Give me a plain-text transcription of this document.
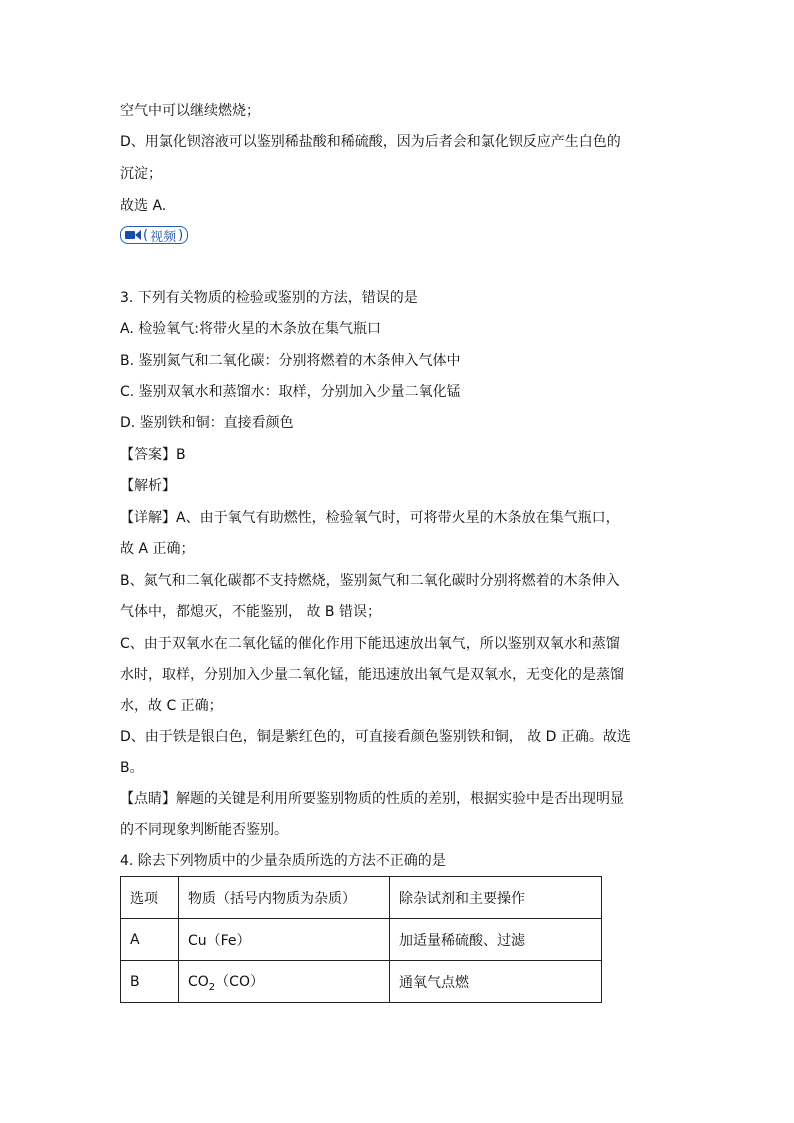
空气中可以继续燃烧；
D、用氯化钡溶液可以鉴别稀盐酸和稀硫酸，因为后者会和氯化钡反应产生白色的
沉淀；
故选 A.
( 视频 )
3. 下列有关物质的检验或鉴别的方法，错误的是
A. 检验氧气:将带火星的木条放在集气瓶口
B. 鉴别氮气和二氧化碳：分别将燃着的木条伸入气体中
C. 鉴别双氧水和蒸馏水：取样，分别加入少量二氧化锰
D. 鉴别铁和铜：直接看颜色
【答案】B
【解析】
【详解】A、由于氧气有助燃性，检验氧气时，可将带火星的木条放在集气瓶口，
故 A 正确；
B、氮气和二氧化碳都不支持燃烧，鉴别氮气和二氧化碳时分别将燃着的木条伸入
气体中，都熄灭，不能鉴别， 故 B 错误；
C、由于双氧水在二氧化锰的催化作用下能迅速放出氧气，所以鉴别双氧水和蒸馏
水时，取样，分别加入少量二氧化锰，能迅速放出氧气是双氧水，无变化的是蒸馏
水，故 C 正确；
D、由于铁是银白色，铜是紫红色的，可直接看颜色鉴别铁和铜， 故 D 正确。故选
B。
【点睛】解题的关键是利用所要鉴别物质的性质的差别，根据实验中是否出现明显
的不同现象判断能否鉴别。
4. 除去下列物质中的少量杂质所选的方法不正确的是
选项	物质（括号内物质为杂质）	除杂试剂和主要操作
A	Cu（Fe）	加适量稀硫酸、过滤
B	$CO_2(CO)$	通氧气点燃
